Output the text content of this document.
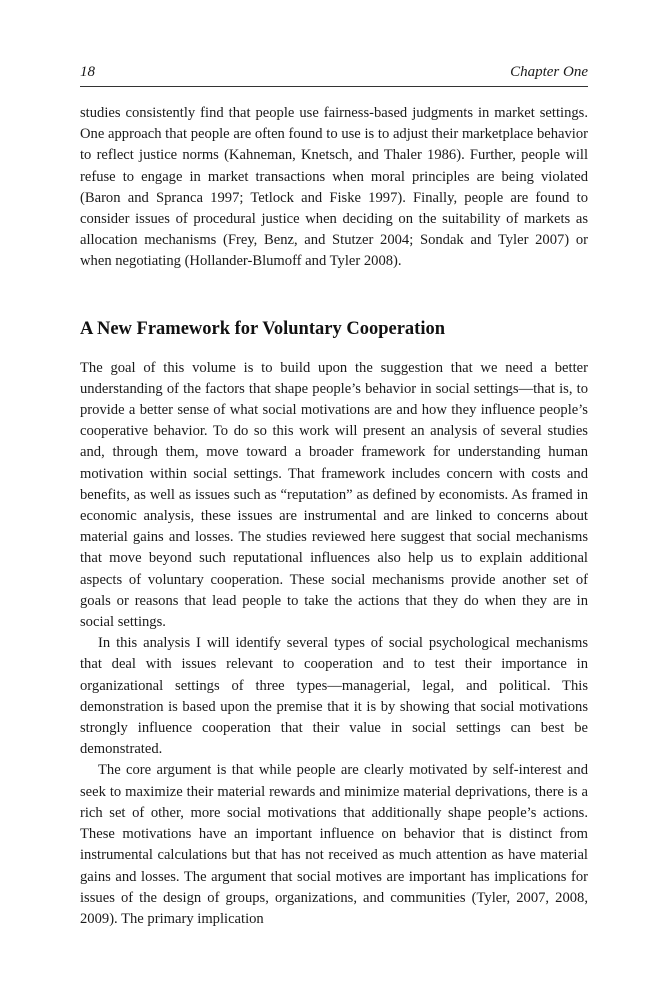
18	Chapter One

studies consistently find that people use fairness-based judgments in market settings. One approach that people are often found to use is to adjust their marketplace behavior to reflect justice norms (Kahneman, Knetsch, and Thaler 1986). Further, people will refuse to engage in market transactions when moral principles are being violated (Baron and Spranca 1997; Tetlock and Fiske 1997). Finally, people are found to consider issues of procedural justice when deciding on the suitability of markets as allocation mechanisms (Frey, Benz, and Stutzer 2004; Sondak and Tyler 2007) or when negotiating (Hollander-Blumoff and Tyler 2008).

A New Framework for Voluntary Cooperation

The goal of this volume is to build upon the suggestion that we need a better understanding of the factors that shape people’s behavior in social settings—that is, to provide a better sense of what social motivations are and how they influence people’s cooperative behavior. To do so this work will present an analysis of several studies and, through them, move toward a broader framework for understanding human motivation within social settings. That framework includes concern with costs and benefits, as well as issues such as “reputation” as defined by economists. As framed in economic analysis, these issues are instrumental and are linked to concerns about material gains and losses. The studies reviewed here suggest that social mechanisms that move beyond such reputational influences also help us to explain additional aspects of voluntary cooperation. These social mechanisms provide another set of goals or reasons that lead people to take the actions that they do when they are in social settings.

In this analysis I will identify several types of social psychological mechanisms that deal with issues relevant to cooperation and to test their importance in organizational settings of three types—managerial, legal, and political. This demonstration is based upon the premise that it is by showing that social motivations strongly influence cooperation that their value in social settings can best be demonstrated.

The core argument is that while people are clearly motivated by self-interest and seek to maximize their material rewards and minimize material deprivations, there is a rich set of other, more social motivations that additionally shape people’s actions. These motivations have an important influence on behavior that is distinct from instrumental calculations but that has not received as much attention as have material gains and losses. The argument that social motives are important has implications for issues of the design of groups, organizations, and communities (Tyler, 2007, 2008, 2009). The primary implication
